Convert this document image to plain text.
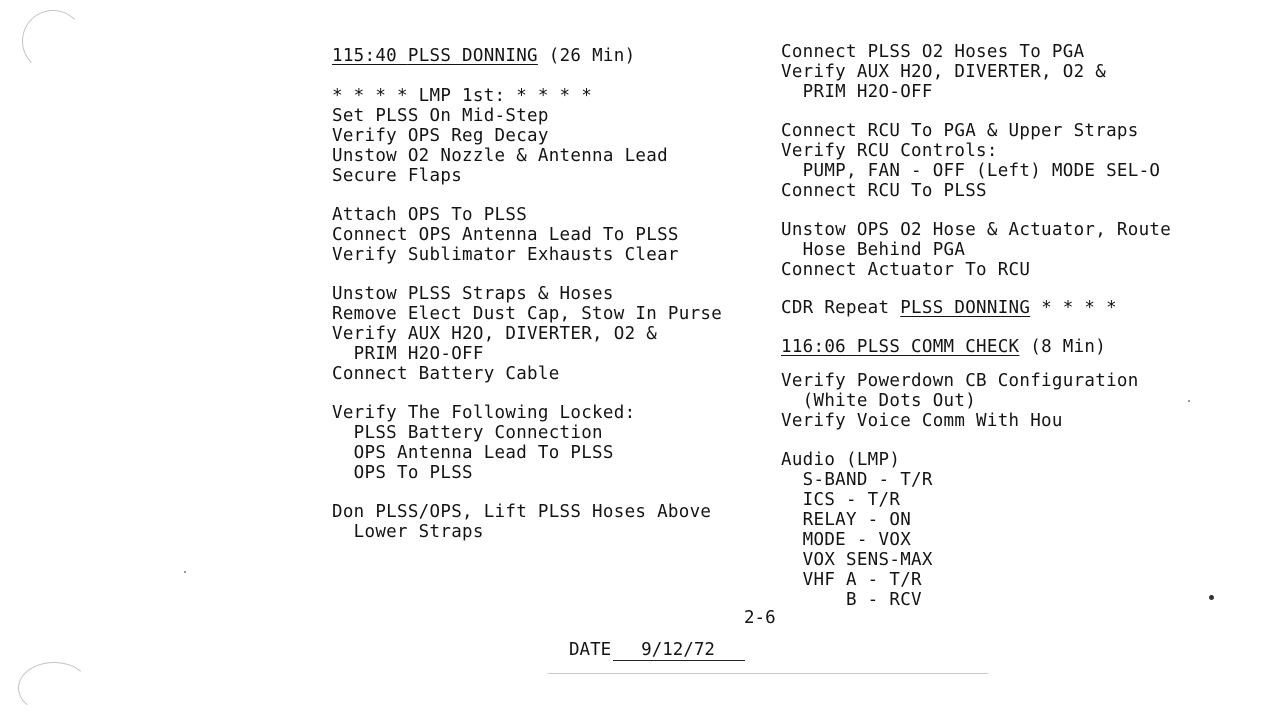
115:40 PLSS DONNING (26 Min)
* * * * LMP 1st: * * * *
Set PLSS On Mid-Step
Verify OPS Reg Decay
Unstow O2 Nozzle & Antenna Lead
Secure Flaps
Attach OPS To PLSS
Connect OPS Antenna Lead To PLSS
Verify Sublimator Exhausts Clear
Unstow PLSS Straps & Hoses
Remove Elect Dust Cap, Stow In Purse
Verify AUX H2O, DIVERTER, O2 &
PRIM H2O-OFF
Connect Battery Cable
Verify The Following Locked:
PLSS Battery Connection
OPS Antenna Lead To PLSS
OPS To PLSS
Don PLSS/OPS, Lift PLSS Hoses Above
Lower Straps
Connect PLSS O2 Hoses To PGA
Verify AUX H2O, DIVERTER, O2 &
PRIM H2O-OFF
Connect RCU To PGA & Upper Straps
Verify RCU Controls:
PUMP, FAN - OFF (Left) MODE SEL-O
Connect RCU To PLSS
Unstow OPS O2 Hose & Actuator, Route
Hose Behind PGA
Connect Actuator To RCU
CDR Repeat PLSS DONNING * * * *
116:06 PLSS COMM CHECK (8 Min)
Verify Powerdown CB Configuration
(White Dots Out)
Verify Voice Comm With Hou
Audio (LMP)
S-BAND - T/R
ICS - T/R
RELAY - ON
MODE - VOX
VOX SENS-MAX
VHF A - T/R
B - RCV
2-6
DATE 9/12/72
